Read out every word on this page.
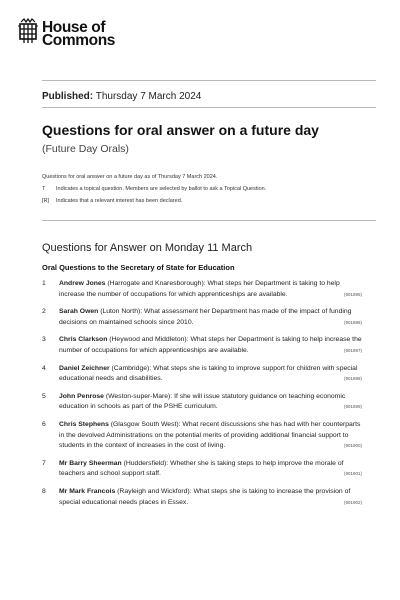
House of
Commons
Published: Thursday 7 March 2024
Questions for oral answer on a future day
(Future Day Orals)
Questions for oral answer on a future day as of Thursday 7 March 2024.
T	Indicates a topical question. Members are selected by ballot to ask a Topical Question.
[R]	Indicates that a relevant interest has been declared.
Questions for Answer on Monday 11 March
Oral Questions to the Secretary of State for Education
1	Andrew Jones (Harrogate and Knaresborough): What steps her Department is taking to help increase the number of occupations for which apprenticeships are available.	(901895)
2	Sarah Owen (Luton North): What assessment her Department has made of the impact of funding decisions on maintained schools since 2010.	(901896)
3	Chris Clarkson (Heywood and Middleton): What steps her Department is taking to help increase the number of occupations for which apprenticeships are available.	(901897)
4	Daniel Zeichner (Cambridge): What steps she is taking to improve support for children with special educational needs and disabilities.	(901898)
5	John Penrose (Weston-super-Mare): If she will issue statutory guidance on teaching economic education in schools as part of the PSHE curriculum.	(901899)
6	Chris Stephens (Glasgow South West): What recent discussions she has had with her counterparts in the devolved Administrations on the potential merits of providing additional financial support to students in the context of increases in the cost of living.	(901900)
7	Mr Barry Sheerman (Huddersfield): Whether she is taking steps to help improve the morale of teachers and school support staff.	(901901)
8	Mr Mark Francois (Rayleigh and Wickford): What steps she is taking to increase the provision of special educational needs places in Essex.	(901902)
